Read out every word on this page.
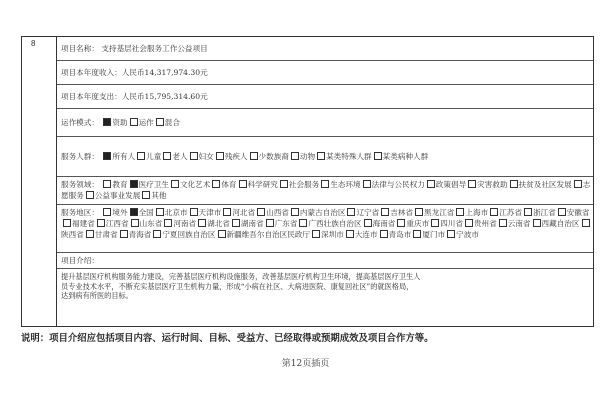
8
项目名称： 支持基层社会服务工作公益项目
项目本年度收入：人民币14,317,974.30元
项目本年度支出：人民币15,795,314.60元
运作模式： 资助 运作 混合
服务人群： 所有人 儿童 老人 妇女 残疾人 少数族裔 动物 某类特殊人群 某类病种人群
服务领域： 教育 医疗卫生 文化艺术 体育 科学研究 社会服务 生态环境 法律与公民权力 政策倡导 灾害救助 扶贫及社区发展 志愿服务 公益事业发展 其他
服务地区： 境外 全国 北京市 天津市 河北省 山西省 内蒙古自治区 辽宁省 吉林省 黑龙江省 上海市 江苏省 浙江省 安徽省福建省 江西省 山东省 河南省 湖北省 湖南省 广东省 广西壮族自治区 海南省 重庆市 四川省 贵州省 云南省 西藏自治区陕西省 甘肃省 青海省 宁夏回族自治区 新疆维吾尔自治区民政厅 深圳市 大连市 青岛市 厦门市 宁波市
项目介绍：
提升基层医疗机构服务能力建设，完善基层医疗机构设施服务，改善基层医疗机构卫生环境，提高基层医疗卫生人
员专业技术水平，不断充实基层医疗卫生机构力量，形成“小病在社区、大病进医院、康复回社区”的就医格局，
达到病有所医的目标。
说明：项目介绍应包括项目内容、运行时间、目标、受益方、已经取得或预期成效及项目合作方等。
第12页插页
